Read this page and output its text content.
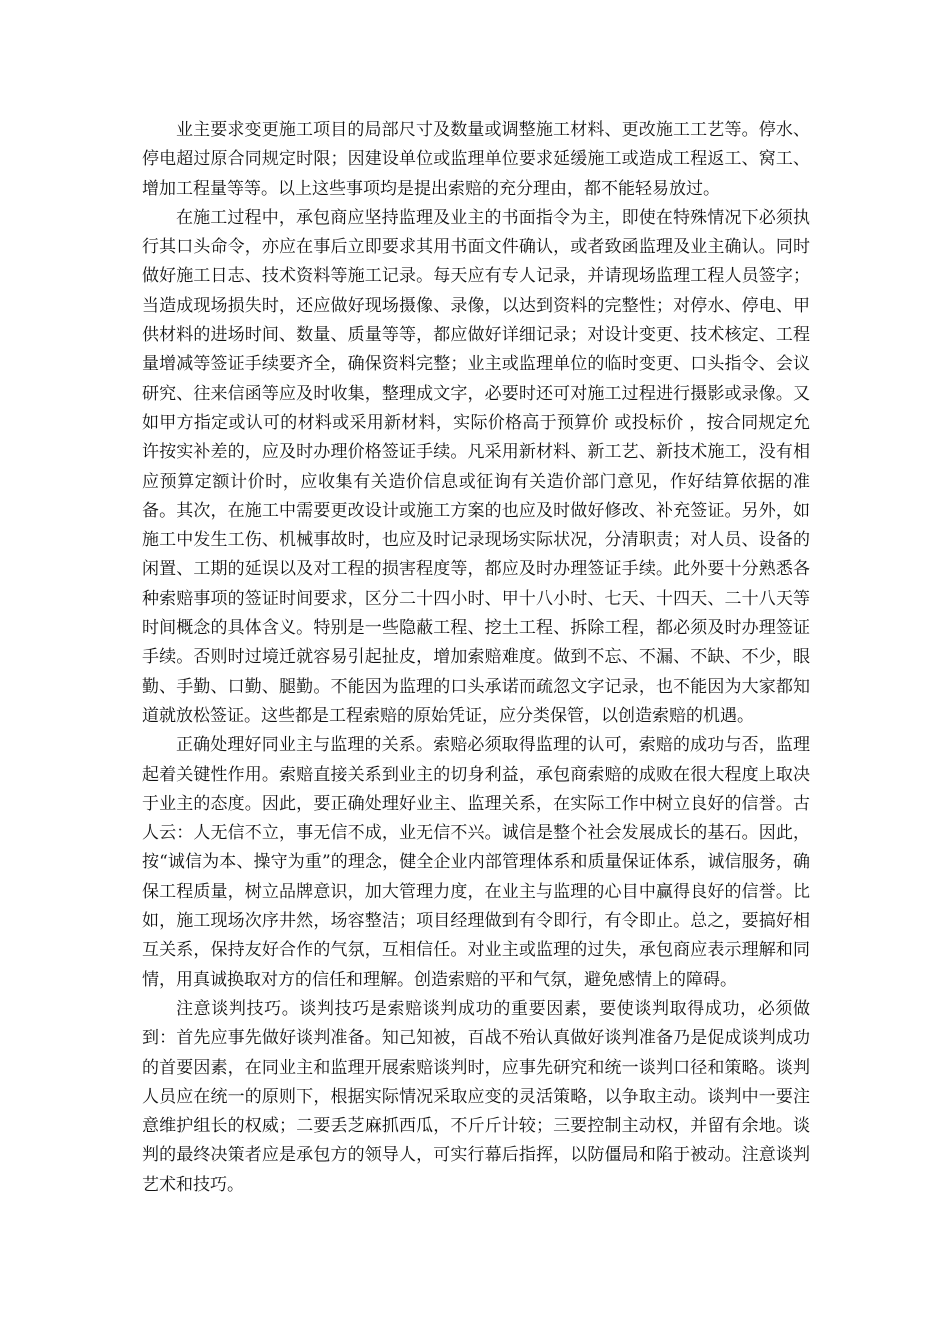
业主要求变更施工项目的局部尺寸及数量或调整施工材料、更改施工工艺等。停水、停电超过原合同规定时限；因建设单位或监理单位要求延缓施工或造成工程返工、窝工、增加工程量等等。以上这些事项均是提出索赔的充分理由，都不能轻易放过。

在施工过程中，承包商应坚持监理及业主的书面指令为主，即使在特殊情况下必须执行其口头命令，亦应在事后立即要求其用书面文件确认，或者致函监理及业主确认。同时做好施工日志、技术资料等施工记录。每天应有专人记录，并请现场监理工程人员签字；当造成现场损失时，还应做好现场摄像、录像，以达到资料的完整性；对停水、停电、甲供材料的进场时间、数量、质量等等，都应做好详细记录；对设计变更、技术核定、工程量增减等签证手续要齐全，确保资料完整；业主或监理单位的临时变更、口头指令、会议研究、往来信函等应及时收集，整理成文字，必要时还可对施工过程进行摄影或录像。又如甲方指定或认可的材料或采用新材料，实际价格高于预算价 或投标价 ，按合同规定允许按实补差的，应及时办理价格签证手续。凡采用新材料、新工艺、新技术施工，没有相应预算定额计价时，应收集有关造价信息或征询有关造价部门意见，作好结算依据的准备。其次，在施工中需要更改设计或施工方案的也应及时做好修改、补充签证。另外，如施工中发生工伤、机械事故时，也应及时记录现场实际状况，分清职责；对人员、设备的闲置、工期的延误以及对工程的损害程度等，都应及时办理签证手续。此外要十分熟悉各种索赔事项的签证时间要求，区分二十四小时、甲十八小时、七天、十四天、二十八天等时间概念的具体含义。特别是一些隐蔽工程、挖土工程、拆除工程，都必须及时办理签证手续。否则时过境迁就容易引起扯皮，增加索赔难度。做到不忘、不漏、不缺、不少，眼勤、手勤、口勤、腿勤。不能因为监理的口头承诺而疏忽文字记录，也不能因为大家都知道就放松签证。这些都是工程索赔的原始凭证，应分类保管，以创造索赔的机遇。

正确处理好同业主与监理的关系。索赔必须取得监理的认可，索赔的成功与否，监理起着关键性作用。索赔直接关系到业主的切身利益，承包商索赔的成败在很大程度上取决于业主的态度。因此，要正确处理好业主、监理关系，在实际工作中树立良好的信誉。古人云：人无信不立，事无信不成，业无信不兴。诚信是整个社会发展成长的基石。因此，按“诚信为本、操守为重”的理念，健全企业内部管理体系和质量保证体系，诚信服务，确保工程质量，树立品牌意识，加大管理力度，在业主与监理的心目中赢得良好的信誉。比如，施工现场次序井然，场容整洁；项目经理做到有令即行，有令即止。总之，要搞好相互关系，保持友好合作的气氛，互相信任。对业主或监理的过失，承包商应表示理解和同情，用真诚换取对方的信任和理解。创造索赔的平和气氛，避免感情上的障碍。

注意谈判技巧。谈判技巧是索赔谈判成功的重要因素，要使谈判取得成功，必须做到：首先应事先做好谈判准备。知己知被，百战不殆认真做好谈判准备乃是促成谈判成功的首要因素，在同业主和监理开展索赔谈判时，应事先研究和统一谈判口径和策略。谈判人员应在统一的原则下，根据实际情况采取应变的灵活策略，以争取主动。谈判中一要注意维护组长的权威；二要丢芝麻抓西瓜，不斤斤计较；三要控制主动权，并留有余地。谈判的最终决策者应是承包方的领导人，可实行幕后指挥，以防僵局和陷于被动。注意谈判艺术和技巧。
